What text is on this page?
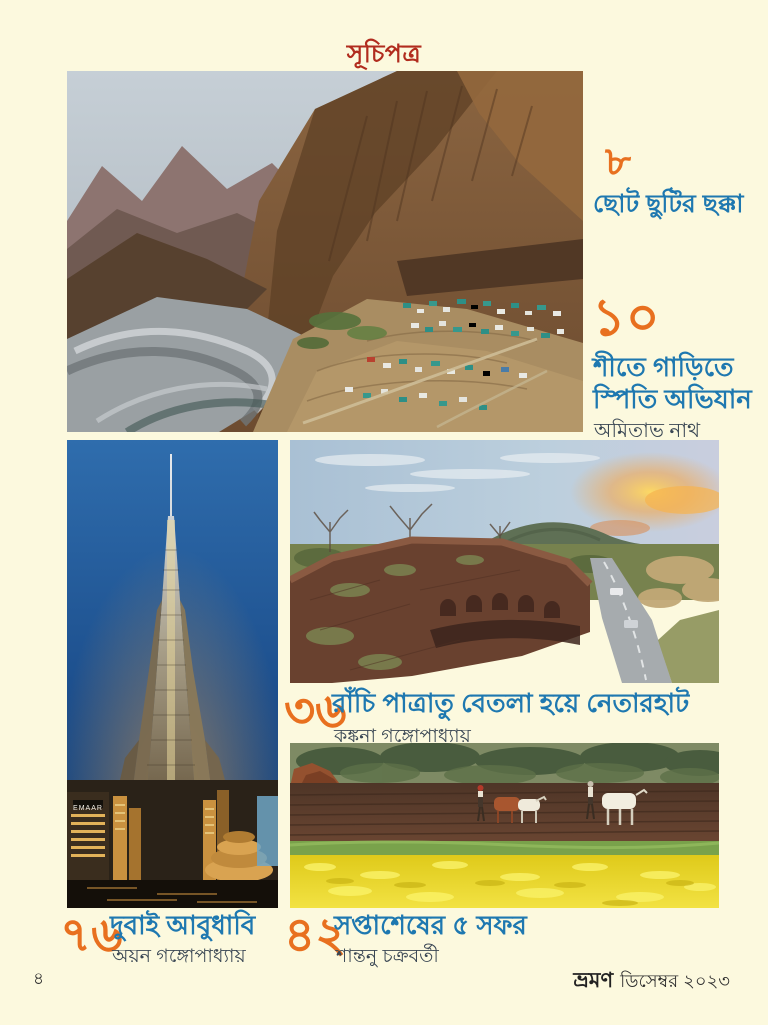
সূচিপত্র
EMAAR
৮
ছোট ছুটির ছক্কা
১০
শীতে গাড়িতে
স্পিতি অভিযান
অমিতাভ নাথ
৩৬
রাঁচি পাত্রাতু বেতলা হয়ে নেতারহাট
কঙ্কনা গঙ্গোপাধ্যায়
৭৬
দুবাই আবুধাবি
অয়ন গঙ্গোপাধ্যায় ৪২
সপ্তাশেষের ৫ সফর
শান্তনু চক্রবর্তী
৪	ভ্রমণ ডিসেম্বর ২০২৩
